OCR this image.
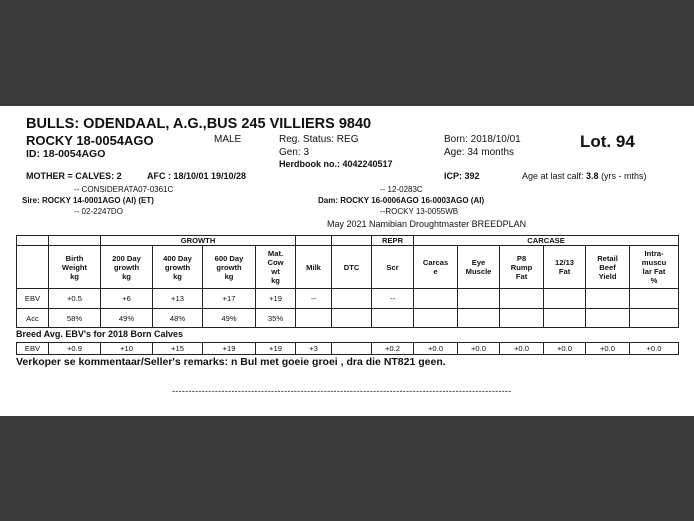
BULLS: ODENDAAL, A.G.,BUS 245 VILLIERS 9840
ROCKY 18-0054AGO	MALE	Reg. Status: REG	Born: 2018/10/01	Lot. 94
ID: 18-0054AGO	Gen: 3	Age: 34 months
Herdbook no.: 4042240517
MOTHER = CALVES: 2	AFC : 18/10/01 19/10/28	ICP: 392	Age at last calf: 3.8 (yrs - mths)
-- CONSIDERATA07-0361C
Sire: ROCKY 14-0001AGO (AI) (ET)
-- 02-2247DO
-- 12-0283C
Dam: ROCKY 16-0006AGO 16-0003AGO (AI)
--ROCKY 13-0055WB
May 2021 Namibian Droughtmaster BREEDPLAN
		GROWTH						REPR	CARCASE					
	Birth
Weight
kg	200 Day
growth
kg	400 Day
growth
kg	600 Day
growth
kg	Mat.
Cow
wt
kg	Milk	DTC	Scr	Carcas
e	Eye
Muscle	P8
Rump
Fat	12/13
Fat	Retail
Beef
Yield	Intra-
muscu
lar Fat
%
EBV	+0.5	+6	+13	+17	+19	--		--						
Acc	58%	49%	48%	49%	35%									
Breed Avg. EBV's for 2018 Born Calves
EBV	+0.9	+10	+15	+19	+19	+3		+0.2	+0.0	+0.0	+0.0	+0.0	+0.0	+0.0
Verkoper se kommentaar/Seller's remarks: n Bul met goeie groei , dra die NT821 geen.
-------------------------------------------------------------------------------------------------------
